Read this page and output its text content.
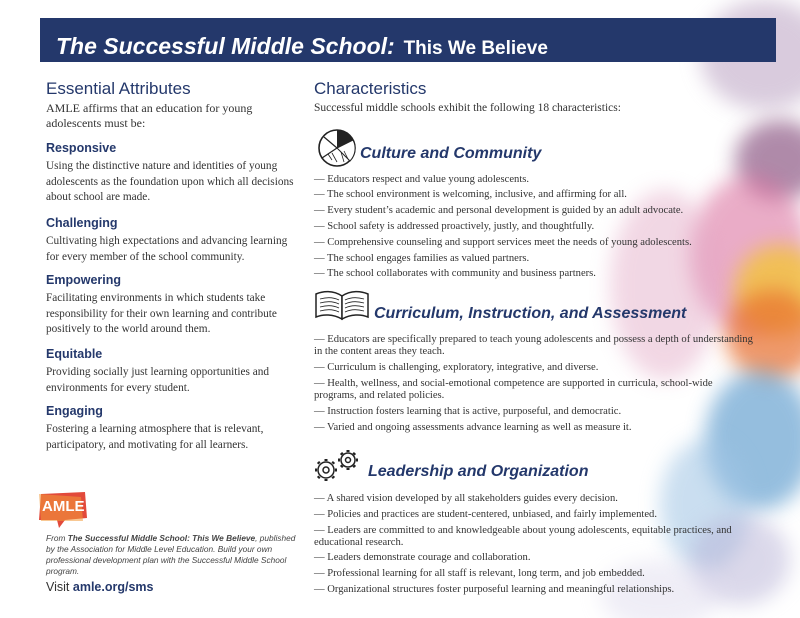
The Successful Middle School: This We Believe
Essential Attributes

AMLE affirms that an education for young adolescents must be:

Responsive

Using the distinctive nature and identities of young adolescents as the foundation upon which all decisions about school are made.

Challenging

Cultivating high expectations and advancing learning for every member of the school community.

Empowering

Facilitating environments in which students take responsibility for their own learning and contribute positively to the world around them.

Equitable

Providing socially just learning opportunities and environments for every student.

Engaging

Fostering a learning atmosphere that is relevant, participatory, and motivating for all learners.

AMLE

From The Successful Middle School: This We Believe, published by the Association for Middle Level Education. Build your own professional development plan with the Successful Middle School program.

Visit amle.org/sms

Characteristics

Successful middle schools exhibit the following 18 characteristics:

Culture and Community

— Educators respect and value young adolescents.

— The school environment is welcoming, inclusive, and affirming for all.

— Every student’s academic and personal development is guided by an adult advocate.

— School safety is addressed proactively, justly, and thoughtfully.

— Comprehensive counseling and support services meet the needs of young adolescents.

— The school engages families as valued partners.

— The school collaborates with community and business partners.

Curriculum, Instruction, and Assessment

— Educators are specifically prepared to teach young adolescents and possess a depth of understanding in the content areas they teach.

— Curriculum is challenging, exploratory, integrative, and diverse.

— Health, wellness, and social-emotional competence are supported in curricula, school-wide programs, and related policies.

— Instruction fosters learning that is active, purposeful, and democratic.

— Varied and ongoing assessments advance learning as well as measure it.

Leadership and Organization

— A shared vision developed by all stakeholders guides every decision.

— Policies and practices are student-centered, unbiased, and fairly implemented.

— Leaders are committed to and knowledgeable about young adolescents, equitable practices, and educational research.

— Leaders demonstrate courage and collaboration.

— Professional learning for all staff is relevant, long term, and job embedded.

— Organizational structures foster purposeful learning and meaningful relationships.
